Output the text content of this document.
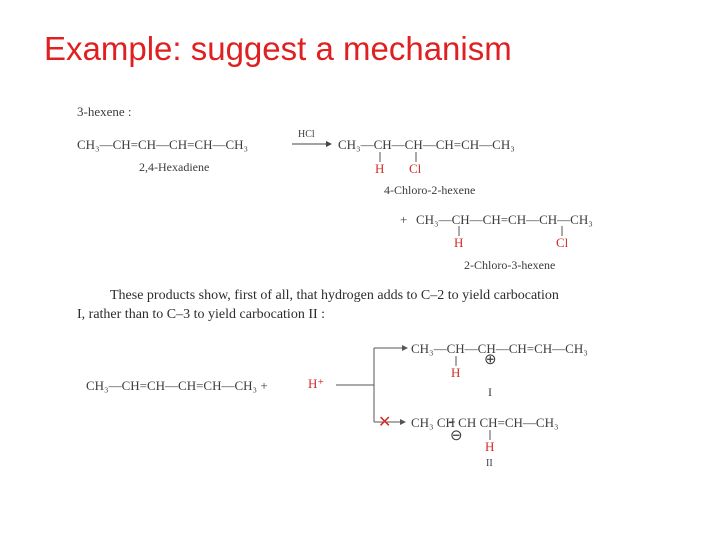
Example: suggest a mechanism
3-hexene :
CH₃—CH=CH—CH=CH—CH₃
2,4-Hexadiene
HCl
CH₃—CH—CH—CH=CH—CH₃
H Cl
4-Chloro-2-hexene
+ CH₃—CH—CH=CH—CH—CH₃
H	Cl
2-Chloro-3-hexene
These products show, first of all, that hydrogen adds to C–2 to yield carbocation
I, rather than to C–3 to yield carbocation II :
CH₃—CH=CH—CH=CH—CH₃ +	H⁺
CH₃—CH—CH—CH=CH—CH₃
⊕
H
I
✕ CH₃ CH CH CH=CH—CH₃
⊖
H
II
